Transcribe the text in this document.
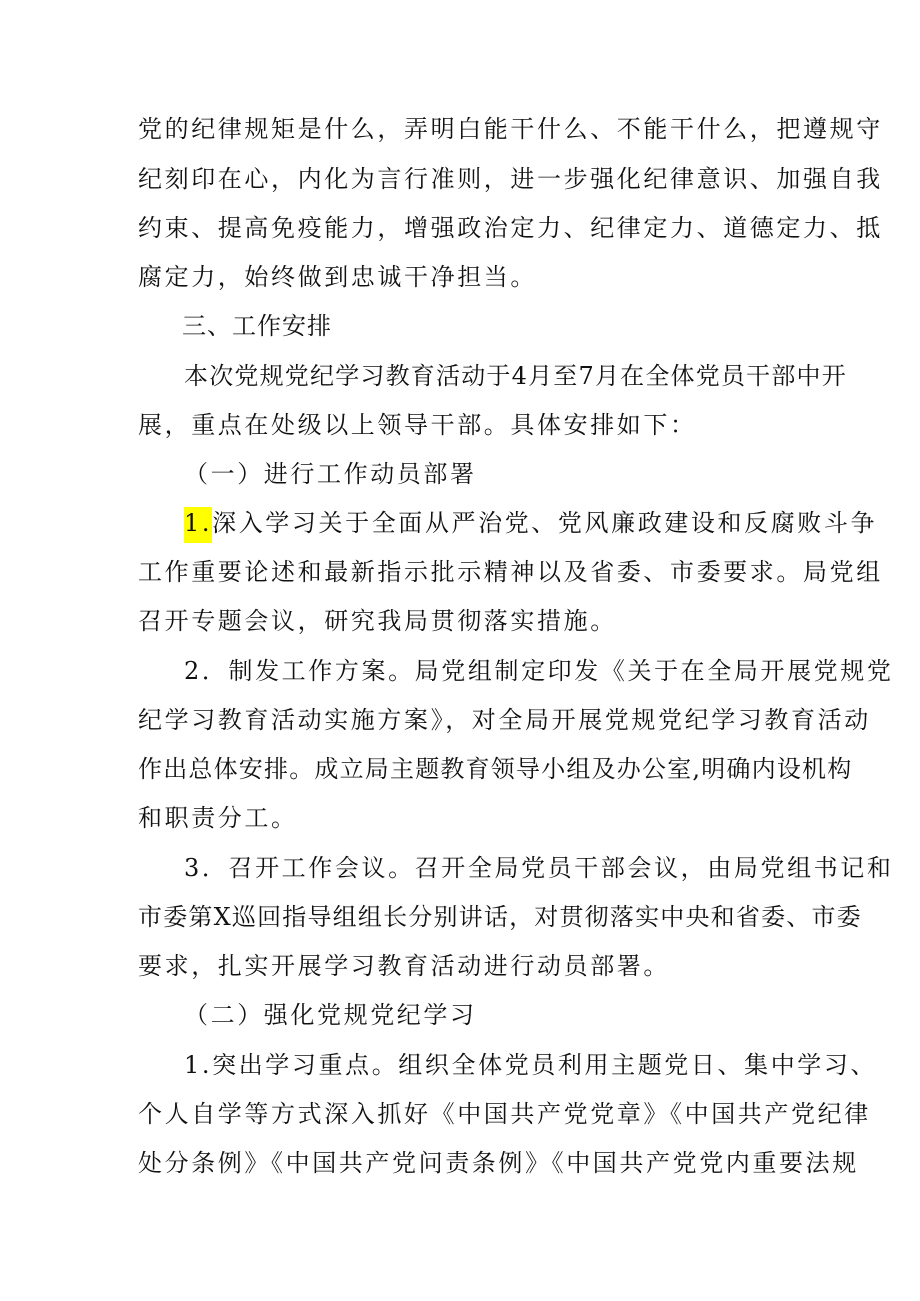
党的纪律规矩是什么，弄明白能干什么、不能干什么，把遵规守
纪刻印在心，内化为言行准则，进一步强化纪律意识、加强自我
约束、提高免疫能力，增强政治定力、纪律定力、道德定力、抵
腐定力，始终做到忠诚干净担当。
三、工作安排
本次党规党纪学习教育活动于4月至7月在全体党员干部中开
展，重点在处级以上领导干部。具体安排如下：
（一）进行工作动员部署
1.深入学习关于全面从严治党、党风廉政建设和反腐败斗争
工作重要论述和最新指示批示精神以及省委、市委要求。局党组
召开专题会议，研究我局贯彻落实措施。
2．制发工作方案。局党组制定印发《关于在全局开展党规党
纪学习教育活动实施方案》，对全局开展党规党纪学习教育活动
作出总体安排。成立局主题教育领导小组及办公室,明确内设机构
和职责分工。
3．召开工作会议。召开全局党员干部会议，由局党组书记和
市委第X巡回指导组组长分别讲话，对贯彻落实中央和省委、市委
要求，扎实开展学习教育活动进行动员部署。
（二）强化党规党纪学习
1.突出学习重点。组织全体党员利用主题党日、集中学习、
个人自学等方式深入抓好《中国共产党党章》《中国共产党纪律
处分条例》《中国共产党问责条例》《中国共产党党内重要法规
